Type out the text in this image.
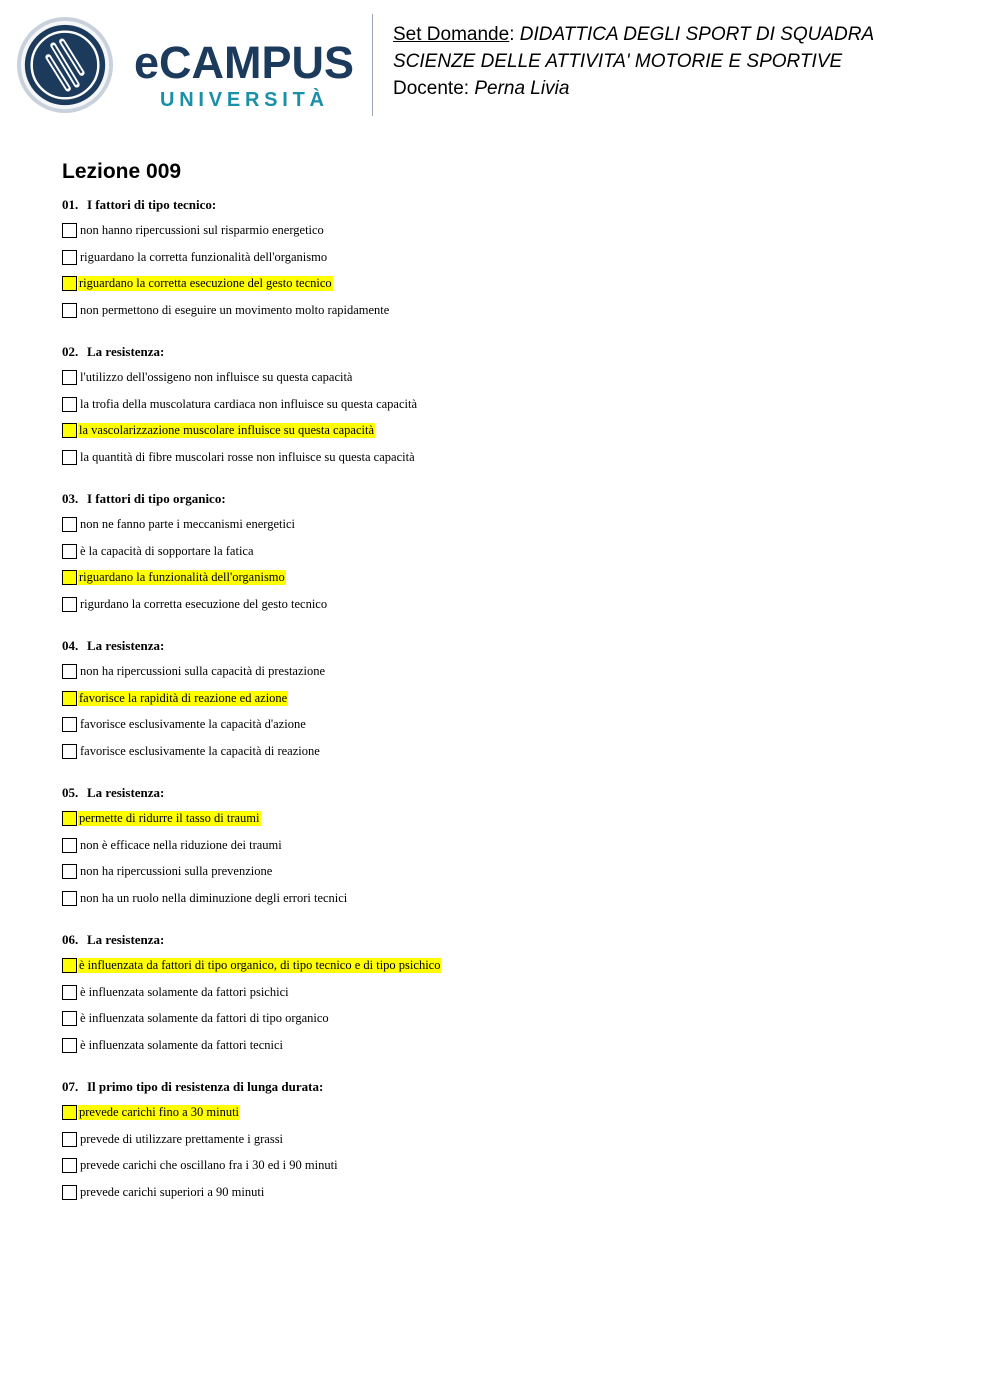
eCAMPUS
UNIVERSITÀ
Set Domande: DIDATTICA DEGLI SPORT DI SQUADRA
SCIENZE DELLE ATTIVITA' MOTORIE E SPORTIVE
Docente: Perna Livia
Lezione 009
01. I fattori di tipo tecnico:
non hanno ripercussioni sul risparmio energetico
riguardano la corretta funzionalità dell'organismo
riguardano la corretta esecuzione del gesto tecnico
non permettono di eseguire un movimento molto rapidamente
02. La resistenza:
l'utilizzo dell'ossigeno non influisce su questa capacità
la trofia della muscolatura cardiaca non influisce su questa capacità
la vascolarizzazione muscolare influisce su questa capacità
la quantità di fibre muscolari rosse non influisce su questa capacità
03. I fattori di tipo organico:
non ne fanno parte i meccanismi energetici
è la capacità di sopportare la fatica
riguardano la funzionalità dell'organismo
rigurdano la corretta esecuzione del gesto tecnico
04. La resistenza:
non ha ripercussioni sulla capacità di prestazione
favorisce la rapidità di reazione ed azione
favorisce esclusivamente la capacità d'azione
favorisce esclusivamente la capacità di reazione
05. La resistenza:
permette di ridurre il tasso di traumi
non è efficace nella riduzione dei traumi
non ha ripercussioni sulla prevenzione
non ha un ruolo nella diminuzione degli errori tecnici
06. La resistenza:
è influenzata da fattori di tipo organico, di tipo tecnico e di tipo psichico
è influenzata solamente da fattori psichici
è influenzata solamente da fattori di tipo organico
è influenzata solamente da fattori tecnici
07. Il primo tipo di resistenza di lunga durata:
prevede carichi fino a 30 minuti
prevede di utilizzare prettamente i grassi
prevede carichi che oscillano fra i 30 ed i 90 minuti
prevede carichi superiori a 90 minuti
